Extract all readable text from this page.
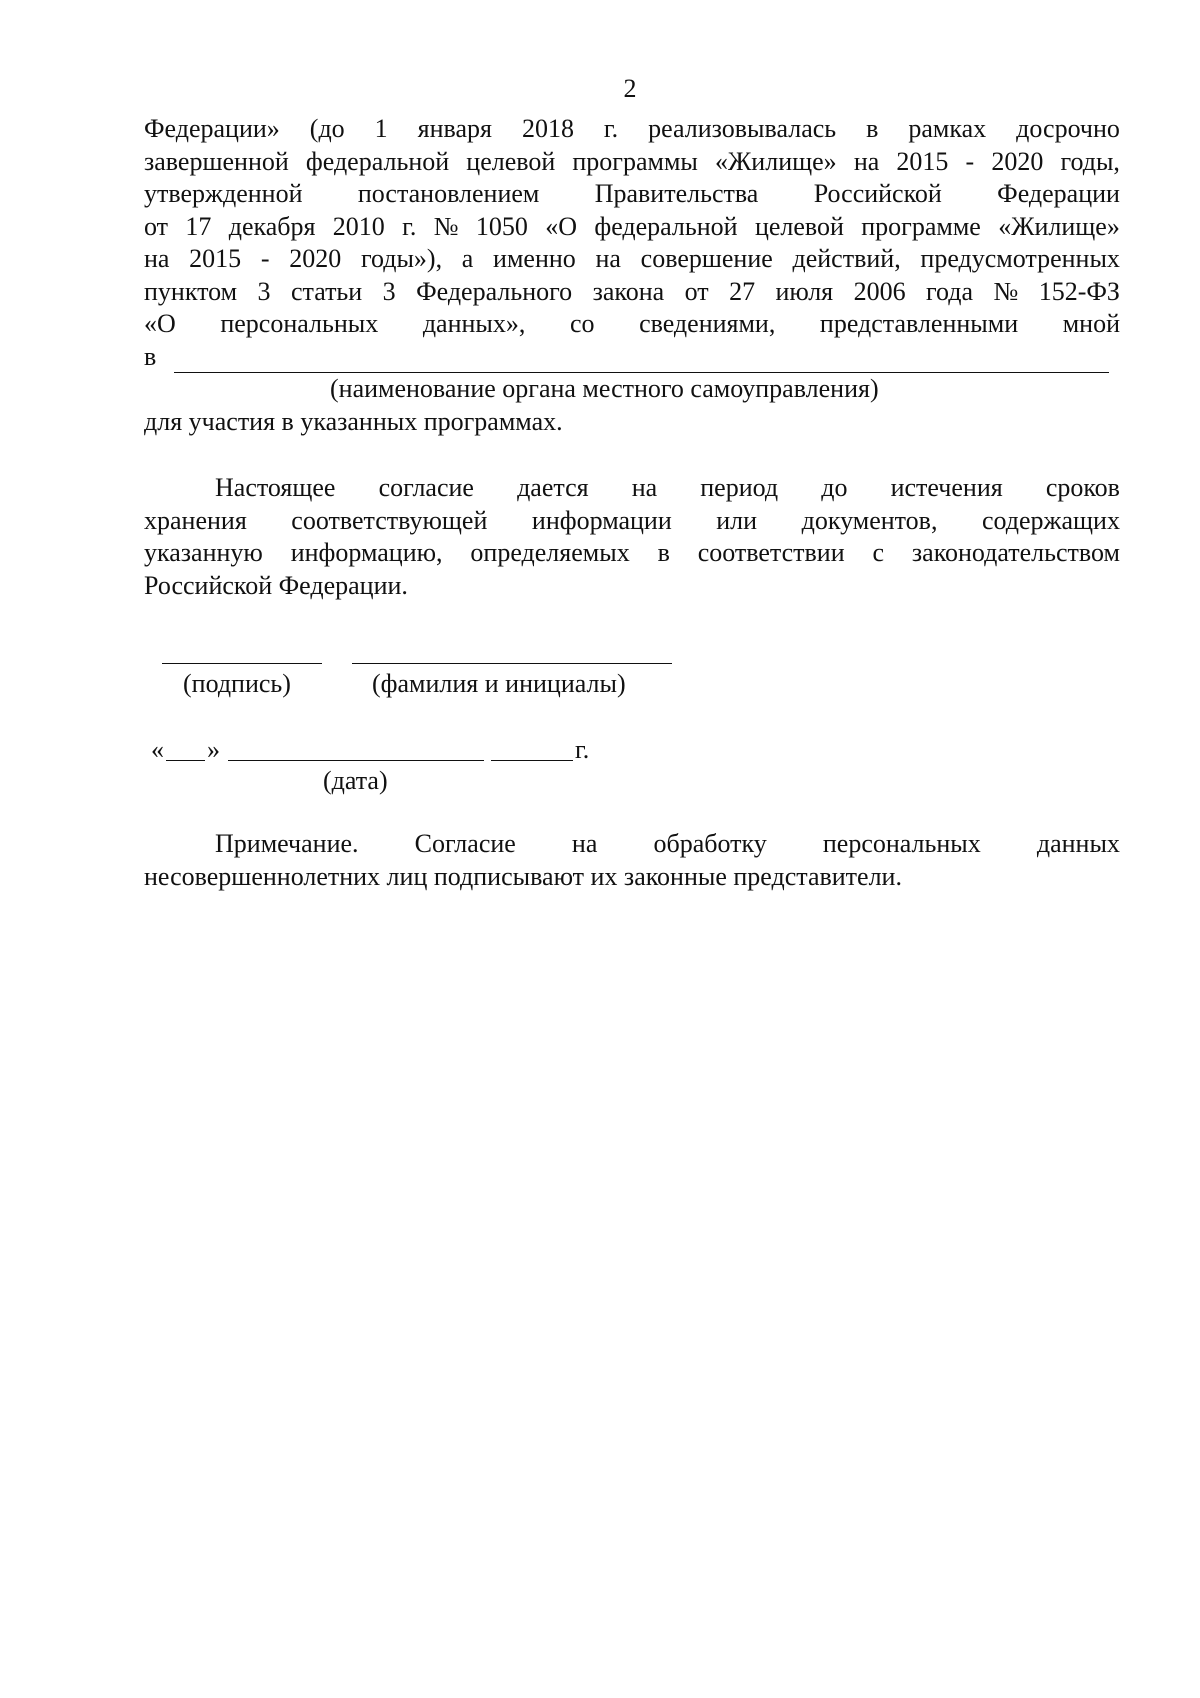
2
Федерации» (до 1 января 2018 г. реализовывалась в рамках досрочно
завершенной федеральной целевой программы «Жилище» на 2015 - 2020 годы,
утвержденной постановлением Правительства Российской Федерации
от 17 декабря 2010 г. № 1050 «О федеральной целевой программе «Жилище»
на 2015 - 2020 годы»), а именно на совершение действий, предусмотренных
пунктом 3 статьи 3 Федерального закона от 27 июля 2006 года № 152-ФЗ
«О персональных данных», со сведениями, представленными мной
в
(наименование органа местного самоуправления)
для участия в указанных программах.
Настоящее согласие дается на период до истечения сроков
хранения соответствующей информации или документов, содержащих
указанную информацию, определяемых в соответствии с законодательством
Российской Федерации.
(подпись)	(фамилия и инициалы)
« »	г.
(дата)
Примечание. Согласие на обработку персональных данных
несовершеннолетних лиц подписывают их законные представители.
